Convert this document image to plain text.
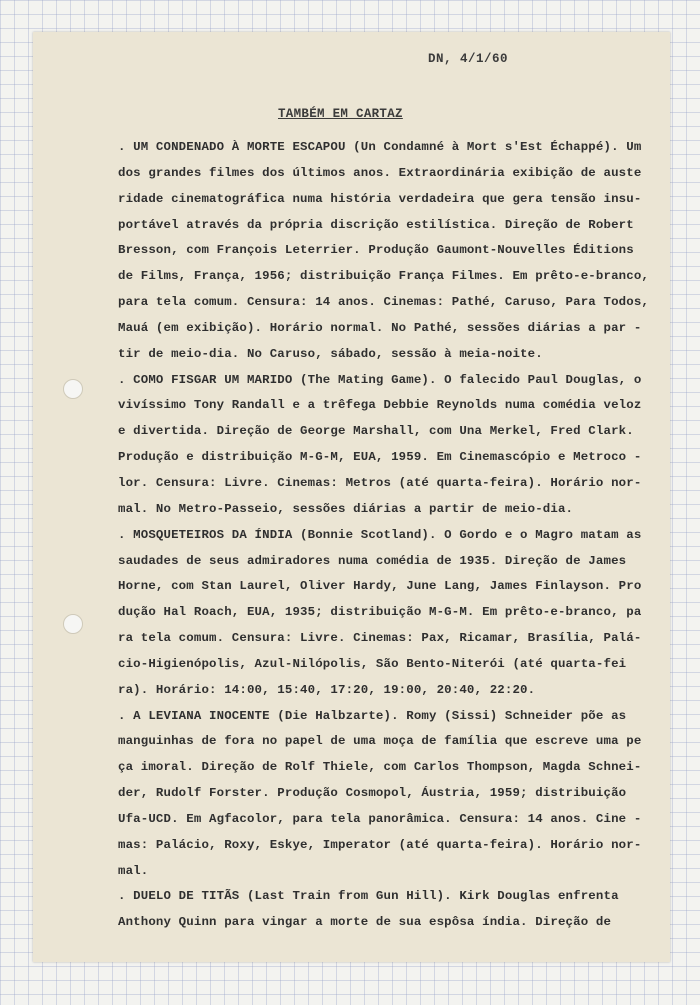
DN, 4/1/60
TAMBÉM EM CARTAZ
. UM CONDENADO À MORTE ESCAPOU (Un Condamné à Mort s'Est Échappé). Um
dos grandes filmes dos últimos anos. Extraordinária exibição de auste
ridade cinematográfica numa história verdadeira que gera tensão insu-
portável através da própria discrição estilística. Direção de Robert
Bresson, com François Leterrier. Produção Gaumont-Nouvelles Éditions
de Films, França, 1956; distribuição França Filmes. Em prêto-e-branco,
para tela comum. Censura: 14 anos. Cinemas: Pathé, Caruso, Para Todos,
Mauá (em exibição). Horário normal. No Pathé, sessões diárias a par -
tir de meio-dia. No Caruso, sábado, sessão à meia-noite.
. COMO FISGAR UM MARIDO (The Mating Game). O falecido Paul Douglas, o
vivíssimo Tony Randall e a trêfega Debbie Reynolds numa comédia veloz
e divertida. Direção de George Marshall, com Una Merkel, Fred Clark.
Produção e distribuição M-G-M, EUA, 1959. Em Cinemascópio e Metroco -
lor. Censura: Livre. Cinemas: Metros (até quarta-feira). Horário nor-
mal. No Metro-Passeio, sessões diárias a partir de meio-dia.
. MOSQUETEIROS DA ÍNDIA (Bonnie Scotland). O Gordo e o Magro matam as
saudades de seus admiradores numa comédia de 1935. Direção de James
Horne, com Stan Laurel, Oliver Hardy, June Lang, James Finlayson. Pro
dução Hal Roach, EUA, 1935; distribuição M-G-M. Em prêto-e-branco, pa
ra tela comum. Censura: Livre. Cinemas: Pax, Ricamar, Brasília, Palá-
cio-Higienópolis, Azul-Nilópolis, São Bento-Niterói (até quarta-fei
ra). Horário: 14:00, 15:40, 17:20, 19:00, 20:40, 22:20.
. A LEVIANA INOCENTE (Die Halbzarte). Romy (Sissi) Schneider põe as
manguinhas de fora no papel de uma moça de família que escreve uma pe
ça imoral. Direção de Rolf Thiele, com Carlos Thompson, Magda Schnei-
der, Rudolf Forster. Produção Cosmopol, Áustria, 1959; distribuição
Ufa-UCD. Em Agfacolor, para tela panorâmica. Censura: 14 anos. Cine -
mas: Palácio, Roxy, Eskye, Imperator (até quarta-feira). Horário nor-
mal.
. DUELO DE TITÃS (Last Train from Gun Hill). Kirk Douglas enfrenta
Anthony Quinn para vingar a morte de sua espôsa índia. Direção de
